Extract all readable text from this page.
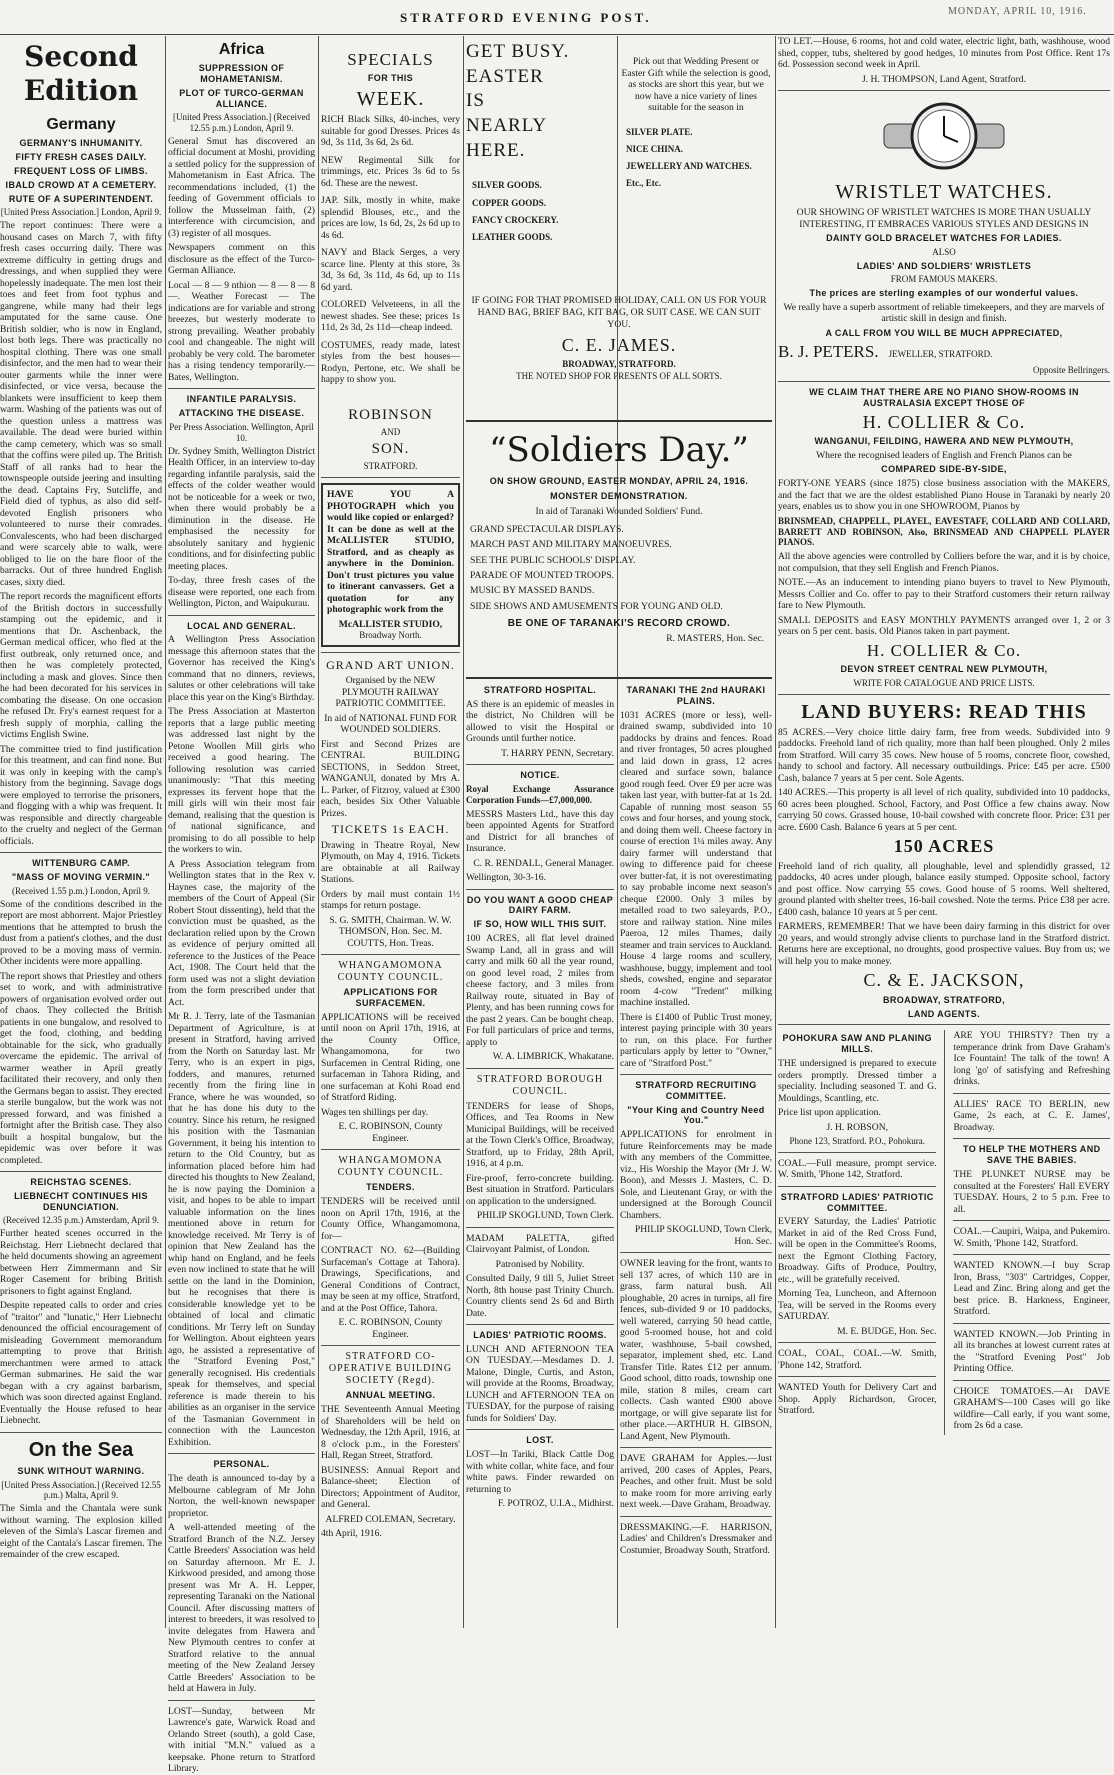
STRATFORD EVENING POST.	MONDAY, APRIL 10, 1916.
Second Edition
Germany
GERMANY'S INHUMANITY.
FIFTY FRESH CASES DAILY.
FREQUENT LOSS OF LIMBS.
IBALD CROWD AT A CEMETERY.
RUTE OF A SUPERINTENDENT.
[United Press Association.] London, April 9.

The report continues: There were a housand cases on March 7, with fifty fresh cases occurring daily. There was extreme difficulty in getting drugs and dressings, and when supplied they were hopelessly inadequate. The men lost their toes and feet from foot typhus and gangrene, while many had their legs amputated for the same cause. One British soldier, who is now in England, lost both legs. There was practically no hospital clothing. There was one small disinfector, and the men had to wear their outer garments while the inner were disinfected, or vice versa, because the blankets were insufficient to keep them warm. Washing of the patients was out of the question unless a mattress was available. The dead were buried within the camp cemetery, which was so small that the coffins were piled up. The British Staff of all ranks had to hear the townspeople outside jeering and insulting the dead. Captains Fry, Sutcliffe, and Field died of typhus, as also did self-devoted English prisoners who volunteered to nurse their comrades. Convalescents, who had been discharged and were scarcely able to walk, were obliged to lie on the bare floor of the barracks. Out of three hundred English cases, sixty died.

The report records the magnificent efforts of the British doctors in successfully stamping out the epidemic, and it mentions that Dr. Aschenback, the German medical officer, who fled at the first outbreak, only returned once, and then he was completely protected, including a mask and gloves. Since then he had been decorated for his services in combating the disease. On one occasion he refused Dr. Fry's earnest request for a fresh supply of morphia, calling the victims English Swine.

The committee tried to find justification for this treatment, and can find none. But it was only in keeping with the camp's history from the beginning. Savage dogs were employed to terrorise the prisoners, and flogging with a whip was frequent. It was responsible and directly chargeable to the cruelty and neglect of the German officials.

WITTENBURG CAMP.
"MASS OF MOVING VERMIN."
(Received 1.55 p.m.) London, April 9.

Some of the conditions described in the report are most abhorrent. Major Priestley mentions that he attempted to brush the dust from a patient's clothes, and the dust proved to be a moving mass of vermin. Other incidents were more appalling.

The report shows that Priestley and others set to work, and with administrative powers of organisation evolved order out of chaos. They collected the British patients in one bungalow, and resolved to get the food, clothing, and bedding obtainable for the sick, who gradually overcame the epidemic. The arrival of warmer weather in April greatly facilitated their recovery, and only then the Germans began to assist. They erected a sterile bungalow, but the work was not pressed forward, and was finished a fortnight after the British case. They also built a hospital bungalow, but the epidemic was over before it was completed.

REICHSTAG SCENES.
LIEBNECHT CONTINUES HIS DENUNCIATION.
(Received 12.35 p.m.) Amsterdam, April 9.

Further heated scenes occurred in the Reichstag. Herr Liebnecht declared that he held documents showing an agreement between Herr Zimmermann and Sir Roger Casement for bribing British prisoners to fight against England.

Despite repeated calls to order and cries of "traitor" and "lunatic," Herr Liebnecht denounced the official encouragement of misleading Government memorandum attempting to prove that British merchantmen were armed to attack German submarines. He said the war began with a cry against barbarism, which was soon directed against England. Eventually the House refused to hear Liebnecht.

On the Sea
SUNK WITHOUT WARNING.
[United Press Association.] (Received 12.55 p.m.) Malta, April 9.

The Simla and the Chantala were sunk without warning. The explosion killed eleven of the Simla's Lascar firemen and eight of the Cantala's Lascar firemen. The remainder of the crew escaped.

Africa
SUPPRESSION OF MOHAMETANISM.
PLOT OF TURCO-GERMAN ALLIANCE.
[United Press Association.] (Received 12.55 p.m.) London, April 9.

General Smut has discovered an official document at Moshi, providing a settled policy for the suppression of Mahometanism in East Africa. The recommendations included, (1) the feeding of Government officials to follow the Musselman faith, (2) interference with circumcision, and (3) register of all mosques.

Newspapers comment on this disclosure as the effect of the Turco-German Alliance.

Local — 8 — 9 nthion — 8 — 8 — 8 —. Weather Forecast — The indications are for variable and strong breezes, but westerly moderate to strong prevailing. Weather probably cool and changeable. The night will probably be very cold. The barometer has a rising tendency temporarily.—Bates, Wellington.

INFANTILE PARALYSIS.
ATTACKING THE DISEASE.
Per Press Association. Wellington, April 10.

Dr. Sydney Smith, Wellington District Health Officer, in an interview to-day regarding infantile paralysis, said the effects of the colder weather would not be noticeable for a week or two, when there would probably be a diminution in the disease. He emphasised the necessity for absolutely sanitary and hygienic conditions, and for disinfecting public meeting places.

To-day, three fresh cases of the disease were reported, one each from Wellington, Picton, and Waipukurau.

LOCAL AND GENERAL.

A Wellington Press Association message this afternoon states that the Governor has received the King's command that no dinners, reviews, salutes or other celebrations will take place this year on the King's Birthday.

The Press Association at Masterton reports that a large public meeting was addressed last night by the Petone Woollen Mill girls who received a good hearing. The following resolution was carried unanimously: "That this meeting expresses its fervent hope that the mill girls will win their most fair demand, realising that the question is of national significance, and promising to do all possible to help the workers to win.

A Press Association telegram from Wellington states that in the Rex v. Haynes case, the majority of the members of the Court of Appeal (Sir Robert Stout dissenting), held that the conviction must be quashed, as the declaration relied upon by the Crown as evidence of perjury omitted all reference to the Justices of the Peace Act, 1908. The Court held that the form used was not a slight deviation from the form prescribed under that Act.

Mr R. J. Terry, late of the Tasmanian Department of Agriculture, is at present in Stratford, having arrived from the North on Saturday last. Mr Terry, who is an expert in pigs, fodders, and manures, returned recently from the firing line in France, where he was wounded, so that he has done his duty to the country. Since his return, he resigned his position with the Tasmanian Government, it being his intention to return to the Old Country, but as information placed before him had directed his thoughts to New Zealand, he is now paying the Dominion a visit, and hopes to be able to impart valuable information on the lines mentioned above in return for knowledge received. Mr Terry is of opinion that New Zealand has the whip hand on England, and he feels even now inclined to state that he will settle on the land in the Dominion, but he recognises that there is considerable knowledge yet to be obtained of local and climatic conditions. Mr Terry left on Sunday for Wellington. About eighteen years ago, he assisted a representative of the "Stratford Evening Post," generally recognised. His credentials speak for themselves, and special reference is made therein to his abilities as an organiser in the service of the Tasmanian Government in connection with the Launceston Exhibition.

PERSONAL.

The death is announced to-day by a Melbourne cablegram of Mr John Norton, the well-known newspaper proprietor.

A well-attended meeting of the Stratford Branch of the N.Z. Jersey Cattle Breeders' Association was held on Saturday afternoon. Mr E. J. Kirkwood presided, and among those present was Mr A. H. Lepper, representing Taranaki on the National Council. After discussing matters of interest to breeders, it was resolved to invite delegates from Hawera and New Plymouth centres to confer at Stratford relative to the annual meeting of the New Zealand Jersey Cattle Breeders' Association to be held at Hawera in July.

LOST—Sunday, between Mr Lawrence's gate, Warwick Road and Orlando Street (south), a gold Case, with initial "M.N." valued as a keepsake. Phone return to Stratford Library.

SPECIALS
FOR THIS
WEEK.

RICH Black Silks, 40-inches, very suitable for good Dresses. Prices 4s 9d, 3s 11d, 3s 6d, 2s 6d.

NEW Regimental Silk for trimmings, etc. Prices 3s 6d to 5s 6d. These are the newest.

JAP. Silk, mostly in white, make splendid Blouses, etc., and the prices are low, 1s 6d, 2s, 2s 6d up to 4s 6d.

NAVY and Black Serges, a very scarce line. Plenty at this store, 3s 3d, 3s 6d, 3s 11d, 4s 6d, up to 11s 6d yard.

COLORED Velveteens, in all the newest shades. See these; prices 1s 11d, 2s 3d, 2s 11d—cheap indeed.

COSTUMES, ready made, latest styles from the best houses—Rodyn, Pertone, etc. We shall be happy to show you.

ROBINSON
AND
SON.
STRATFORD.

HAVE YOU A PHOTOGRAPH which you would like copied or enlarged? It can be done as well at the McALLISTER STUDIO, Stratford, and as cheaply as anywhere in the Dominion. Don't trust pictures you value to itinerant canvassers. Get a quotation for any photographic work from the

McALLISTER STUDIO,
Broadway North.
GRAND ART UNION.

Organised by the NEW PLYMOUTH RAILWAY PATRIOTIC COMMITTEE.

In aid of NATIONAL FUND FOR WOUNDED SOLDIERS.

First and Second Prizes are CENTRAL BUILDING SECTIONS, in Seddon Street, WANGANUI, donated by Mrs A. L. Parker, of Fitzroy, valued at £300 each, besides Six Other Valuable Prizes.

TICKETS 1s EACH.

Drawing in Theatre Royal, New Plymouth, on May 4, 1916. Tickets are obtainable at all Railway Stations.

Orders by mail must contain 1½ stamps for return postage.

S. G. SMITH, Chairman. W. W. THOMSON, Hon. Sec. M. COUTTS, Hon. Treas.

WHANGAMOMONA COUNTY COUNCIL.
APPLICATIONS FOR SURFACEMEN.

APPLICATIONS will be received until noon on April 17th, 1916, at the County Office, Whangamomona, for two Surfacemen in Central Riding, one surfaceman in Tahora Riding, and one surfaceman at Kohi Road end of Stratford Riding.

Wages ten shillings per day.

E. C. ROBINSON, County Engineer.

WHANGAMOMONA COUNTY COUNCIL.
TENDERS.

TENDERS will be received until noon on April 17th, 1916, at the County Office, Whangamomona, for—

CONTRACT NO. 62—(Building Surfaceman's Cottage at Tahora). Drawings, Specifications, and General Conditions of Contract, may be seen at my office, Stratford, and at the Post Office, Tahora.

E. C. ROBINSON, County Engineer.

STRATFORD CO-OPERATIVE BUILDING SOCIETY (Regd).
ANNUAL MEETING.

THE Seventeenth Annual Meeting of Shareholders will be held on Wednesday, the 12th April, 1916, at 8 o'clock p.m., in the Foresters' Hall, Regan Street, Stratford.

BUSINESS: Annual Report and Balance-sheet; Election of Directors; Appointment of Auditor, and General.

ALFRED COLEMAN, Secretary.

4th April, 1916.

GET BUSY.
EASTER
IS
NEARLY
HERE.
SILVER GOODS.
COPPER GOODS.
FANCY CROCKERY.
LEATHER GOODS.

Pick out that Wedding Present or Easter Gift while the selection is good, as stocks are short this year, but we now have a nice variety of lines suitable for the season in

SILVER PLATE.
NICE CHINA.
JEWELLERY AND WATCHES.
Etc., Etc.

IF GOING FOR THAT PROMISED HOLIDAY, CALL ON US FOR YOUR HAND BAG, BRIEF BAG, KIT BAG, OR SUIT CASE. WE CAN SUIT YOU.

C. E. JAMES.
BROADWAY, STRATFORD.
THE NOTED SHOP FOR PRESENTS OF ALL SORTS.
“Soldiers Day.”
ON SHOW GROUND, EASTER MONDAY, APRIL 24, 1916.
MONSTER DEMONSTRATION.
In aid of Taranaki Wounded Soldiers' Fund.
GRAND SPECTACULAR DISPLAYS.
MARCH PAST AND MILITARY MANOEUVRES.
SEE THE PUBLIC SCHOOLS' DISPLAY.
PARADE OF MOUNTED TROOPS.
MUSIC BY MASSED BANDS.
SIDE SHOWS AND AMUSEMENTS FOR YOUNG AND OLD.
BE ONE OF TARANAKI'S RECORD CROWD.
R. MASTERS, Hon. Sec.
STRATFORD HOSPITAL.

AS there is an epidemic of measles in the district, No Children will be allowed to visit the Hospital or Grounds until further notice.

T. HARRY PENN, Secretary.

NOTICE.

Royal Exchange Assurance Corporation Funds—£7,000,000.

MESSRS Masters Ltd., have this day been appointed Agents for Stratford and District for all branches of Insurance.

C. R. RENDALL, General Manager.

Wellington, 30-3-16.

DO YOU WANT A GOOD CHEAP DAIRY FARM.
IF SO, HOW WILL THIS SUIT.

100 ACRES, all flat level drained Swamp Land, all in grass and will carry and milk 60 all the year round, on good level road, 2 miles from cheese factory, and 3 miles from Railway route, situated in Bay of Plenty, and has been running cows for the past 2 years. Can be bought cheap. For full particulars of price and terms, apply to

W. A. LIMBRICK, Whakatane.

STRATFORD BOROUGH COUNCIL.

TENDERS for lease of Shops, Offices, and Tea Rooms in New Municipal Buildings, will be received at the Town Clerk's Office, Broadway, Stratford, up to Friday, 28th April, 1916, at 4 p.m.

Fire-proof, ferro-concrete building. Best situation in Stratford. Particulars on application to the undersigned.

PHILIP SKOGLUND, Town Clerk.

MADAM PALETTA, gifted Clairvoyant Palmist, of London.

Patronised by Nobility.

Consulted Daily, 9 till 5, Juliet Street North, 8th house past Trinity Church. Country clients send 2s 6d and Birth Date.

LADIES' PATRIOTIC ROOMS.

LUNCH AND AFTERNOON TEA ON TUESDAY.—Mesdames D. J. Malone, Dingle, Curtis, and Aston, will provide at the Rooms, Broadway, LUNCH and AFTERNOON TEA on TUESDAY, for the purpose of raising funds for Soldiers' Day.

LOST.

LOST—In Tariki, Black Cattle Dog with white collar, white face, and four white paws. Finder rewarded on returning to

F. POTROZ, U.I.A., Midhirst.

TARANAKI THE 2nd HAURAKI PLAINS.

1031 ACRES (more or less), well-drained swamp, subdivided into 10 paddocks by drains and fences. Road and river frontages, 50 acres ploughed and laid down in grass, 12 acres cleared and surface sown, balance good rough feed. Over £9 per acre was taken last year, with butter-fat at 1s 2d. Capable of running most season 55 cows and four horses, and young stock, and doing them well. Cheese factory in course of erection 1¼ miles away. Any dairy farmer will understand that owing to difference paid for cheese over butter-fat, it is not overestimating to say probable income next season's cheque £2000. Only 3 miles by metalled road to two saleyards, P.O., store and railway station. Nine miles Paeroa, 12 miles Thames, daily steamer and train services to Auckland. House 4 large rooms and scullery, washhouse, buggy, implement and tool sheds, cowshed, engine and separator room 4-cow "Tredent" milking machine installed.

There is £1400 of Public Trust money, interest paying principle with 30 years to run, on this place. For further particulars apply by letter to "Owner," care of "Stratford Post."

STRATFORD RECRUITING COMMITTEE.
"Your King and Country Need You."

APPLICATIONS for enrolment in future Reinforcements may be made with any members of the Committee, viz., His Worship the Mayor (Mr J. W. Boon), and Messrs J. Masters, C. D. Sole, and Lieutenant Gray, or with the undersigned at the Borough Council Chambers.

PHILIP SKOGLUND, Town Clerk, Hon. Sec.

OWNER leaving for the front, wants to sell 137 acres, of which 110 are in grass, farm natural bush. All ploughable, 20 acres in turnips, all fire fences, sub-divided 9 or 10 paddocks, well watered, carrying 50 head cattle, good 5-roomed house, hot and cold water, washhouse, 5-bail cowshed, separator, implement shed, etc. Land Transfer Title. Rates £12 per annum. Good school, ditto roads, township one mile, station 8 miles, cream cart collects. Cash wanted £900 above mortgage, or will give separate list for other place.—ARTHUR H. GIBSON, Land Agent, New Plymouth.

DAVE GRAHAM for Apples.—Just arrived, 200 cases of Apples, Pears, Peaches, and other fruit. Must be sold to make room for more arriving early next week.—Dave Graham, Broadway.

DRESSMAKING.—F. HARRISON, Ladies' and Children's Dressmaker and Costumier, Broadway South, Stratford.

TO LET.—House, 6 rooms, hot and cold water, electric light, bath, washhouse, wood shed, copper, tubs, sheltered by good hedges, 10 minutes from Post Office. Rent 17s 6d. Possession second week in April.

J. H. THOMPSON, Land Agent, Stratford.

WRISTLET WATCHES.

OUR SHOWING OF WRISTLET WATCHES IS MORE THAN USUALLY INTERESTING, IT EMBRACES VARIOUS STYLES AND DESIGNS IN

DAINTY GOLD BRACELET WATCHES FOR LADIES.
ALSO
LADIES' AND SOLDIERS' WRISTLETS
FROM FAMOUS MAKERS.
The prices are sterling examples of our wonderful values.

We really have a superb assortment of reliable timekeepers, and they are marvels of artistic skill in design and finish.

A CALL FROM YOU WILL BE MUCH APPRECIATED,
B. J. PETERS. JEWELLER, STRATFORD.
Opposite Bellringers.
WE CLAIM THAT THERE ARE NO PIANO SHOW-ROOMS IN AUSTRALASIA EXCEPT THOSE OF
H. COLLIER & Co.
WANGANUI, FEILDING, HAWERA AND NEW PLYMOUTH,

Where the recognised leaders of English and French Pianos can be

COMPARED SIDE-BY-SIDE,

FORTY-ONE YEARS (since 1875) close business association with the MAKERS, and the fact that we are the oldest established Piano House in Taranaki by nearly 20 years, enables us to show you in one SHOWROOM, Pianos by

BRINSMEAD, CHAPPELL, PLAYEL, EAVESTAFF, COLLARD AND COLLARD, BARRETT AND ROBINSON, Also, BRINSMEAD AND CHAPPELL PLAYER PIANOS.

All the above agencies were controlled by Colliers before the war, and it is by choice, not compulsion, that they sell English and French Pianos.

NOTE.—As an inducement to intending piano buyers to travel to New Plymouth, Messrs Collier and Co. offer to pay to their Stratford customers their return railway fare to New Plymouth.

SMALL DEPOSITS and EASY MONTHLY PAYMENTS arranged over 1, 2 or 3 years on 5 per cent. basis. Old Pianos taken in part payment.

H. COLLIER & Co.
DEVON STREET CENTRAL NEW PLYMOUTH,
WRITE FOR CATALOGUE AND PRICE LISTS.
LAND BUYERS: READ THIS

85 ACRES.—Very choice little dairy farm, free from weeds. Subdivided into 9 paddocks. Freehold land of rich quality, more than half been ploughed. Only 2 miles from Stratford. Will carry 35 cows. New house of 5 rooms, concrete floor, cowshed, handy to school and factory. All necessary outbuildings. Price: £45 per acre. £500 Cash, balance 7 years at 5 per cent. Sole Agents.

140 ACRES.—This property is all level of rich quality, subdivided into 10 paddocks, 60 acres been ploughed. School, Factory, and Post Office a few chains away. Now carrying 50 cows. Grassed house, 10-bail cowshed with concrete floor. Price: £31 per acre. £600 Cash. Balance 6 years at 5 per cent.

150 ACRES

Freehold land of rich quality, all ploughable, level and splendidly grassed, 12 paddocks, 40 acres under plough, balance easily stumped. Opposite school, factory and post office. Now carrying 55 cows. Good house of 5 rooms. Well sheltered, ground planted with shelter trees, 16-bail cowshed. Note the terms. Price £38 per acre. £400 cash, balance 10 years at 5 per cent.

FARMERS, REMEMBER! That we have been dairy farming in this district for over 20 years, and would strongly advise clients to purchase land in the Stratford district. Returns here are exceptional, no droughts, good prospective values. Buy from us; we will help you to make money.

C. & E. JACKSON,
BROADWAY, STRATFORD,
LAND AGENTS.
POHOKURA SAW AND PLANING MILLS.

THE undersigned is prepared to execute orders promptly. Dressed timber a speciality. Including seasoned T. and G. Mouldings, Scantling, etc.

Price list upon application.

J. H. ROBSON,

Phone 123, Stratford. P.O., Pohokura.

COAL.—Full measure, prompt service. W. Smith, 'Phone 142, Stratford.

STRATFORD LADIES' PATRIOTIC COMMITTEE.

EVERY Saturday, the Ladies' Patriotic Market in aid of the Red Cross Fund, will be open in the Committee's Rooms, next the Egmont Clothing Factory, Broadway. Gifts of Produce, Poultry, etc., will be gratefully received.

Morning Tea, Luncheon, and Afternoon Tea, will be served in the Rooms every SATURDAY.

M. E. BUDGE, Hon. Sec.

COAL, COAL, COAL.—W. Smith, 'Phone 142, Stratford.

WANTED Youth for Delivery Cart and Shop. Apply Richardson, Grocer, Stratford.

ARE YOU THIRSTY? Then try a temperance drink from Dave Graham's Ice Fountain! The talk of the town! A long 'go' of satisfying and Refreshing drinks.

ALLIES' RACE TO BERLIN, new Game, 2s each, at C. E. James', Broadway.

TO HELP THE MOTHERS AND SAVE THE BABIES.

THE PLUNKET NURSE may be consulted at the Foresters' Hall EVERY TUESDAY. Hours, 2 to 5 p.m. Free to all.

COAL.—Caupiri, Waipa, and Pukemiro. W. Smith, 'Phone 142, Stratford.

WANTED KNOWN.—I buy Scrap Iron, Brass, "303" Cartridges, Copper, Lead and Zinc. Bring along and get the best price. B. Harkness, Engineer, Stratford.

WANTED KNOWN.—Job Printing in all its branches at lowest current rates at the "Stratford Evening Post" Job Printing Office.

CHOICE TOMATOES.—At DAVE GRAHAM'S—100 Cases will go like wildfire—Call early, if you want some, from 2s 6d a case.
